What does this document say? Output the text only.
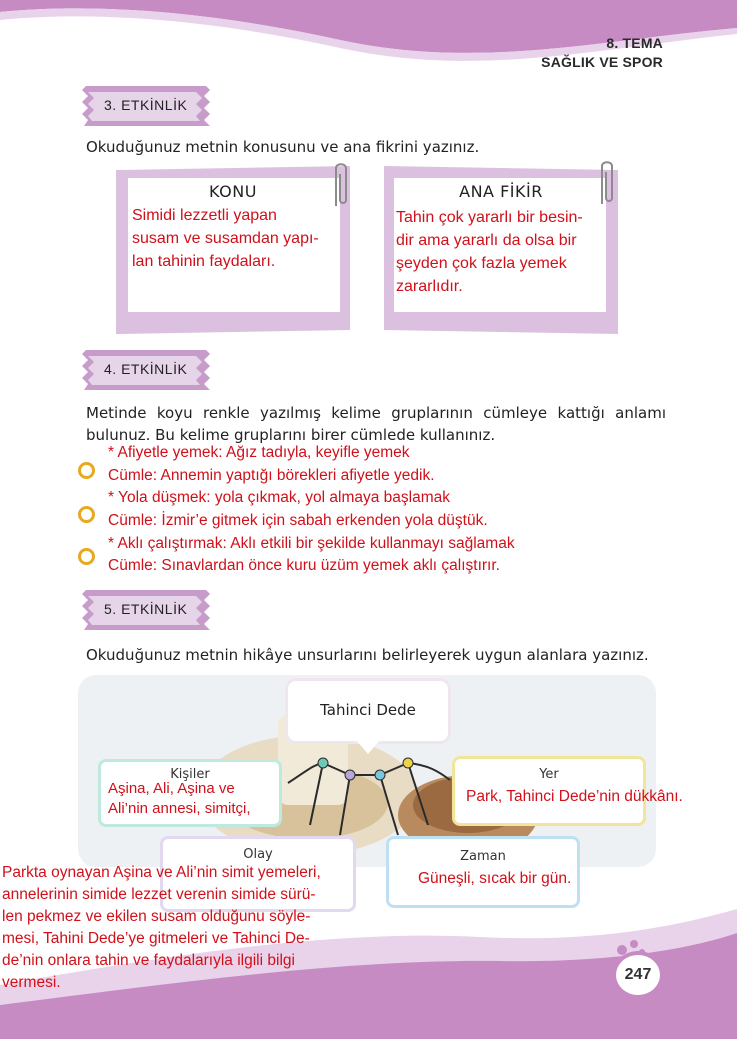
8. TEMA
SAĞLIK VE SPOR
3. ETKİNLİK
Okuduğunuz metnin konusunu ve ana fikrini yazınız.
KONU
Simidi lezzetli yapan
susam ve susamdan yapı-
lan tahinin faydaları.
ANA FİKİR
Tahin çok yararlı bir besin-
dir ama yararlı da olsa bir
şeyden çok fazla yemek
zararlıdır.
4. ETKİNLİK
Metinde koyu renkle yazılmış kelime gruplarının cümleye kattığı anlamı bulunuz. Bu kelime gruplarını birer cümlede kullanınız.
* Afiyetle yemek: Ağız tadıyla, keyifle yemek
Cümle: Annemin yaptığı börekleri afiyetle yedik.
* Yola düşmek: yola çıkmak, yol almaya başlamak
Cümle: İzmir’e gitmek için sabah erkenden yola düştük.
* Aklı çalıştırmak: Aklı etkili bir şekilde kullanmayı sağlamak
Cümle: Sınavlardan önce kuru üzüm yemek aklı çalıştırır.
5. ETKİNLİK
Okuduğunuz metnin hikâye unsurlarını belirleyerek uygun alanlara yazınız.
Tahinci Dede
Kişiler
Aşina, Ali, Aşina ve
Ali’nin annesi, simitçi,
Yer
Park, Tahinci Dede’nin dükkânı.
Olay	Zaman
Güneşli, sıcak bir gün.
Parkta oynayan Aşina ve Ali’nin simit yemeleri,
annelerinin simide lezzet verenin simide sürü-
len pekmez ve ekilen susam olduğunu söyle-
mesi, Tahini Dede’ye gitmeleri ve Tahinci De-
de’nin onlara tahin ve faydalarıyla ilgili bilgi
vermesi.	247
